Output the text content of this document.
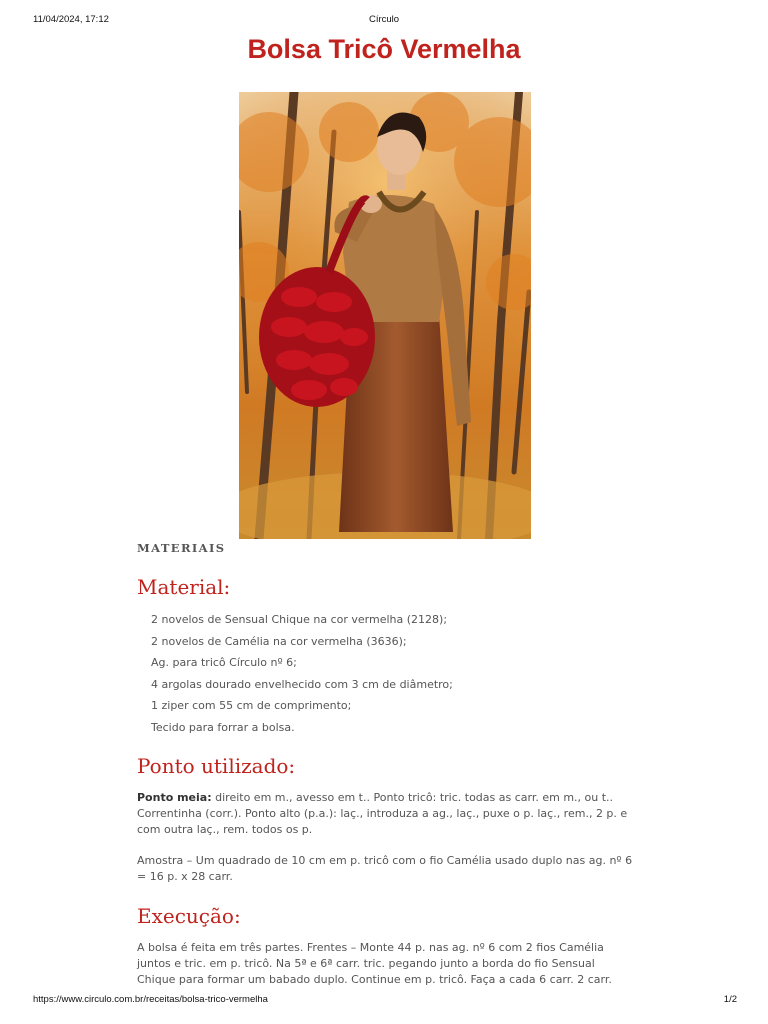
11/04/2024, 17:12	Círculo
Bolsa Tricô Vermelha
MATERIAIS
Material:
2 novelos de Sensual Chique na cor vermelha (2128);
2 novelos de Camélia na cor vermelha (3636);
Ag. para tricô Círculo nº 6;
4 argolas dourado envelhecido com 3 cm de diâmetro;
1 ziper com 55 cm de comprimento;
Tecido para forrar a bolsa.
Ponto utilizado:

Ponto meia: direito em m., avesso em t.. Ponto tricô: tric. todas as carr. em m., ou t.. Correntinha (corr.). Ponto alto (p.a.): laç., introduza a ag., laç., puxe o p. laç., rem., 2 p. e com outra laç., rem. todos os p.

Amostra – Um quadrado de 10 cm em p. tricô com o fio Camélia usado duplo nas ag. nº 6 = 16 p. x 28 carr.

Execução:

A bolsa é feita em três partes. Frentes – Monte 44 p. nas ag. nº 6 com 2 fios Camélia juntos e tric. em p. tricô. Na 5ª e 6ª carr. tric. pegando junto a borda do fio Sensual Chique para formar um babado duplo. Continue em p. tricô. Faça a cada 6 carr. 2 carr.

https://www.circulo.com.br/receitas/bolsa-trico-vermelha	1/2
